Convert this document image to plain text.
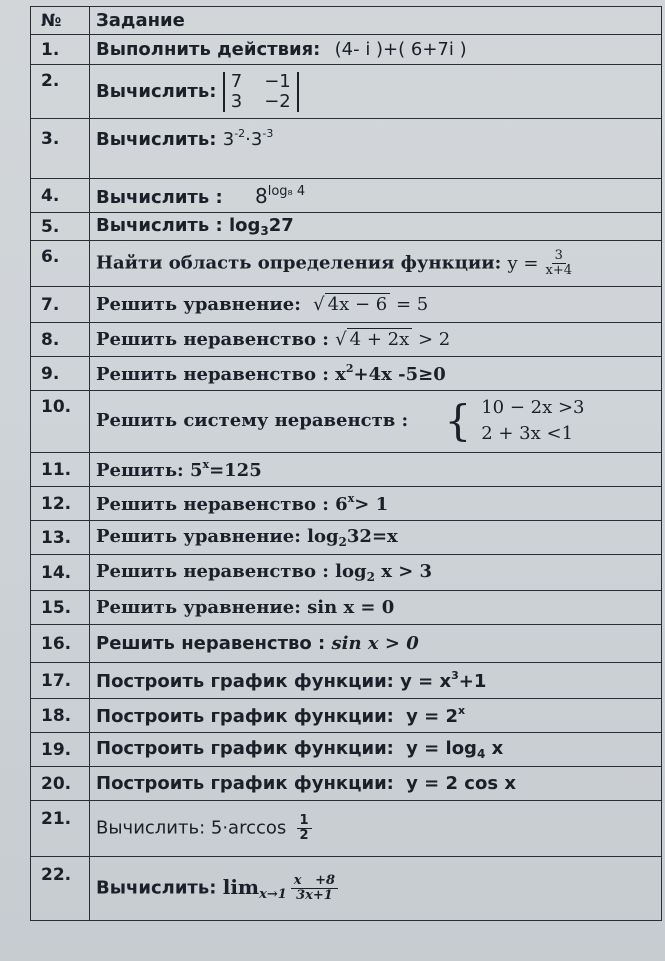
№	Задание
1.	Выполнить действия: (4- i )+( 6+7i )
2.	Вычислить: 7 −1
3 −2
3.	Вычислить: $3^{-2}\cdot 3^{-3}$
4.	Вычислить : $8^{log_8 4}$
5.	Вычислить : $\log_327$
6.	Найти область определения функции: $y = \frac{3}{x+4}$

7.	Решить уравнение: √ 4x − 6 = 5
8.	Решить неравенство : √ 4 + 2x > 2
9.	Решить неравенство : $x^2+4x$ -5≥0
10.	Решить систему неравенств : { 10 − 2x >3
2 + 3x <1

11.	Решить: $5^x=125$
12.	Решить неравенство : $6^x> 1$
13.	Решить уравнение: $\log_232=x$
14.	Решить неравенство : $\log_2 x > 3$
15.	Решить уравнение: sin x = 0
16.	Решить неравенство : sin x > 0
17.	Построить график функции: $y = x^3+1$
18.	Построить график функции: $y = 2^x$
19.	Построить график функции: $y = \log_4 x$
20.	Построить график функции: y = 2 cos x
21.	Вычислить: $5\cdot\arccos \frac{1}{2}$

22.	Вычислить: $\lim_{x\to 1} \frac{x +8}{3x+1}$
